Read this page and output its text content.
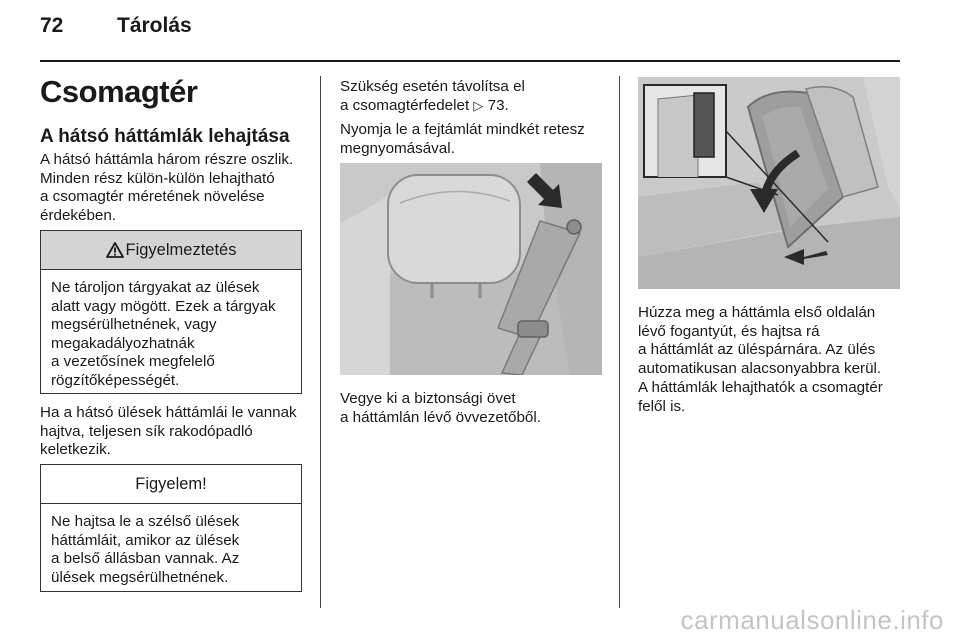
72	Tárolás
Csomagtér
A hátsó háttámlák lehajtása
A hátsó háttámla három részre oszlik.
Minden rész külön-külön lehajtható
a csomagtér méretének növelése
érdekében.
Figyelmeztetés
Ne tároljon tárgyakat az ülések
alatt vagy mögött. Ezek a tárgyak
megsérülhetnének, vagy
megakadályozhatnák
a vezetősínek megfelelő
rögzítőképességét.
Ha a hátsó ülések háttámlái le vannak
hajtva, teljesen sík rakodópadló
keletkezik.
Figyelem!
Ne hajtsa le a szélső ülések
háttámláit, amikor az ülések
a belső állásban vannak. Az
ülések megsérülhetnének.
Szükség esetén távolítsa el
a csomagtérfedelet ▷ 73.
Nyomja le a fejtámlát mindkét retesz
megnyomásával.
Vegye ki a biztonsági övet
a háttámlán lévő övvezetőből.
Húzza meg a háttámla első oldalán
lévő fogantyút, és hajtsa rá
a háttámlát az üléspárnára. Az ülés
automatikusan alacsonyabbra kerül.
A háttámlák lehajthatók a csomagtér
felől is.
carmanualsonline.info
